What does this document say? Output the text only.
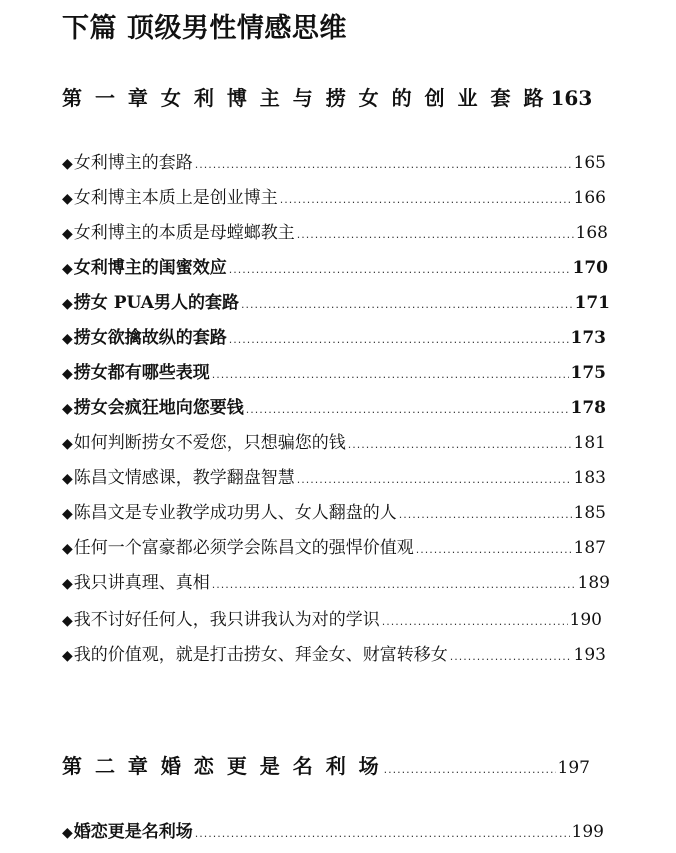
下篇 顶级男性情感思维
第 一 章 女 利 博 主 与 捞 女 的 创 业 套 路 163
◆女利博主的套路 .....	165
◆女利博主本质上是创业博主 .....	166
◆女利博主的本质是母螳螂教主 .....	168
◆女利博主的闺蜜效应 .....	170
◆捞女 PUA男人的套路 .....	171
◆捞女欲擒故纵的套路 .....	173
◆捞女都有哪些表现 .....	175
◆捞女会疯狂地向您要钱 .....	178
◆如何判断捞女不爱您，只想骗您的钱 .....	181
◆陈昌文情感课，教学翻盘智慧 .....	183
◆陈昌文是专业教学成功男人、女人翻盘的人 .....	185
◆任何一个富豪都必须学会陈昌文的强悍价值观 .....	187
◆我只讲真理、真相 .....	189
◆我不讨好任何人，我只讲我认为对的学识 .....	190
◆我的价值观，就是打击捞女、拜金女、财富转移女 .....	193
第 二 章 婚 恋 更 是 名 利 场 .....	197
◆婚恋更是名利场 .....	199
